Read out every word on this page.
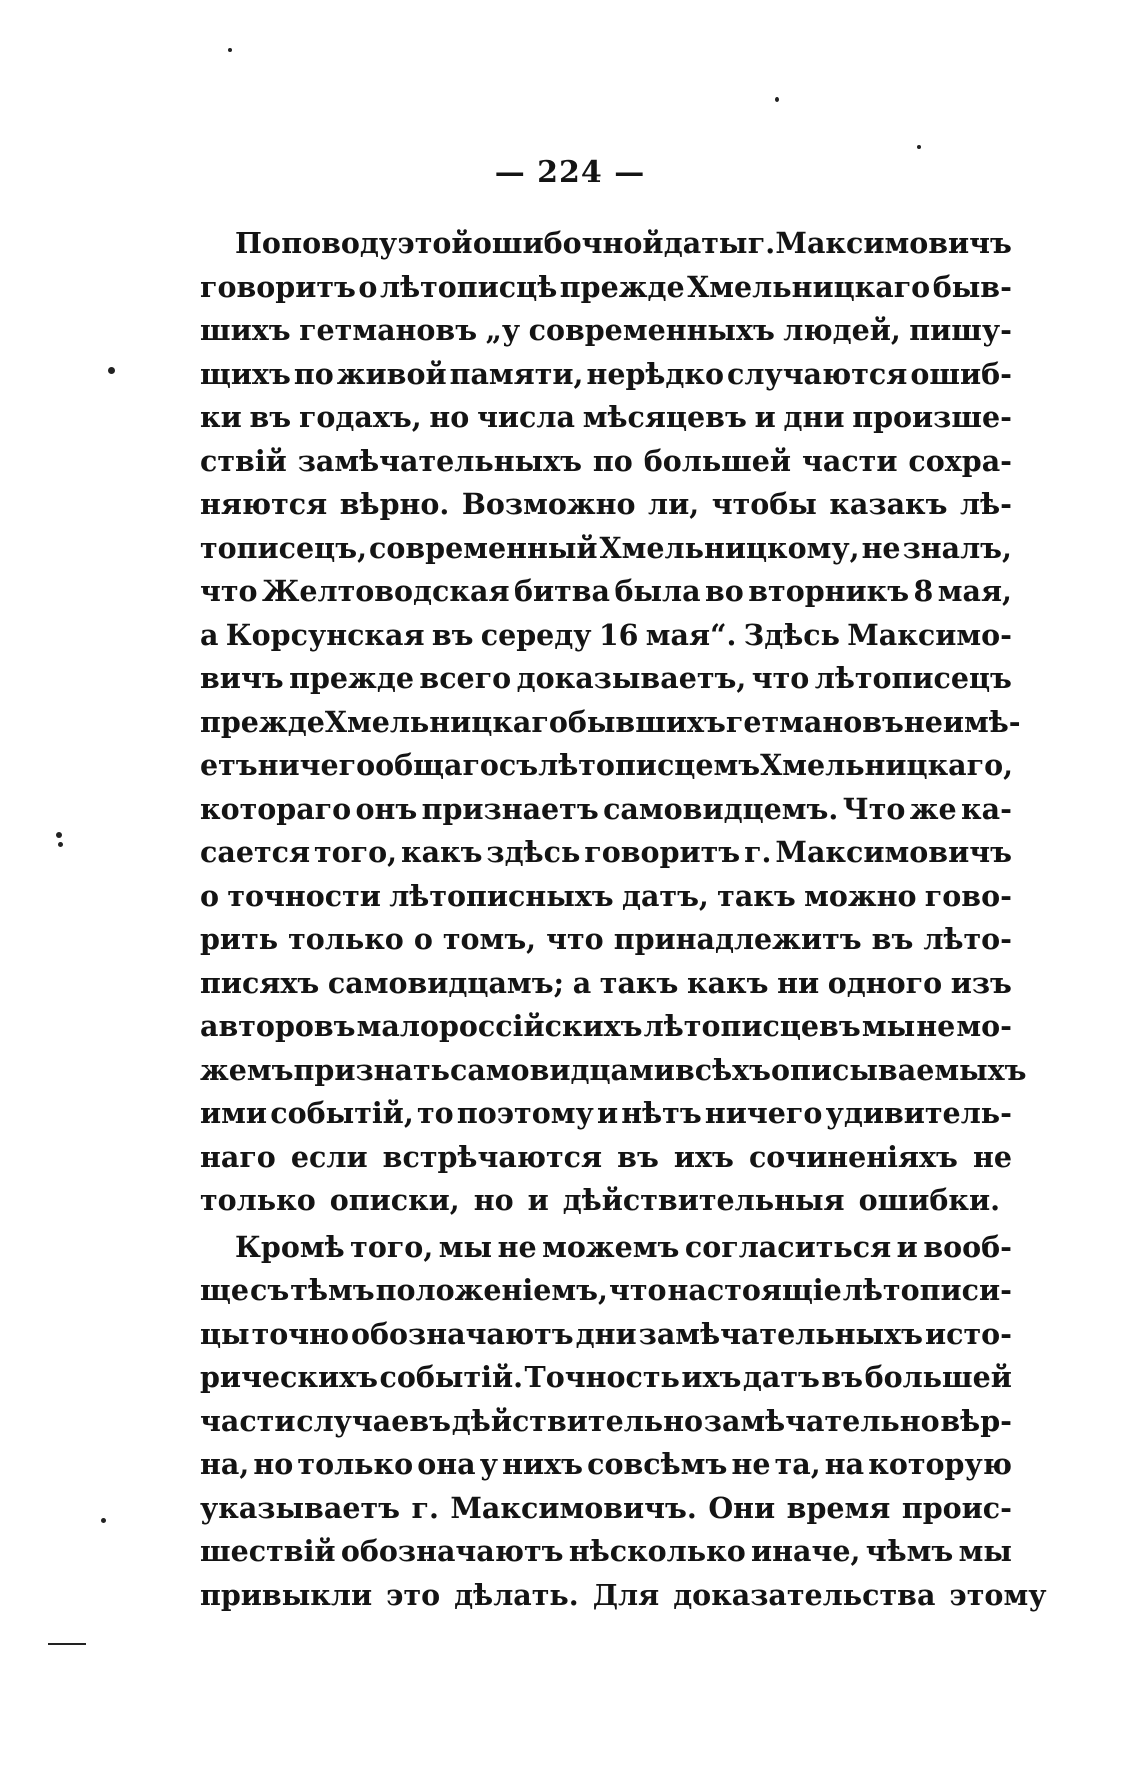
— 224 —
По поводу этой ошибочной даты г. Максимовичъ
говоритъ о лѣтописцѣ прежде Хмельницкаго быв-
шихъ гетмановъ „у современныхъ людей, пишу-
щихъ по живой памяти, нерѣдко случаются ошиб-
ки въ годахъ, но числа мѣсяцевъ и дни произше-
ствій замѣчательныхъ по большей части сохра-
няются вѣрно. Возможно ли, чтобы казакъ лѣ-
тописецъ, современный Хмельницкому, не зналъ,
что Желтоводская битва была во вторникъ 8 мая,
а Корсунская въ середу 16 мая“. Здѣсь Максимо-
вичъ прежде всего доказываетъ, что лѣтописецъ
прежде Хмельницкаго бывшихъ гетмановъ не имѣ-
етъ ничего общаго съ лѣтописцемъ Хмельницкаго,
котораго онъ признаетъ самовидцемъ. Что же ка-
сается того, какъ здѣсь говоритъ г. Максимовичъ
о точности лѣтописныхъ датъ, такъ можно гово-
рить только о томъ, что принадлежитъ въ лѣто-
писяхъ самовидцамъ; а такъ какъ ни одного изъ
авторовъ малороссійскихъ лѣтописцевъ мы не мо-
жемъ признать самовидцами всѣхъ описываемыхъ
ими событій, то поэтому и нѣтъ ничего удивитель-
наго если встрѣчаются въ ихъ сочиненіяхъ не
только описки, но и дѣйствительныя ошибки.
Кромѣ того, мы не можемъ согласиться и вооб-
ще съ тѣмъ положеніемъ, что настоящіе лѣтописи-
цы точно обозначаютъ дни замѣчательныхъ исто-
рическихъ событій. Точность ихъ датъ въ большей
части случаевъ дѣйствительно замѣчательно вѣр-
на, но только она у нихъ совсѣмъ не та, на которую
указываетъ г. Максимовичъ. Они время проис-
шествій обозначаютъ нѣсколько иначе, чѣмъ мы
привыкли это дѣлать. Для доказательства этому
